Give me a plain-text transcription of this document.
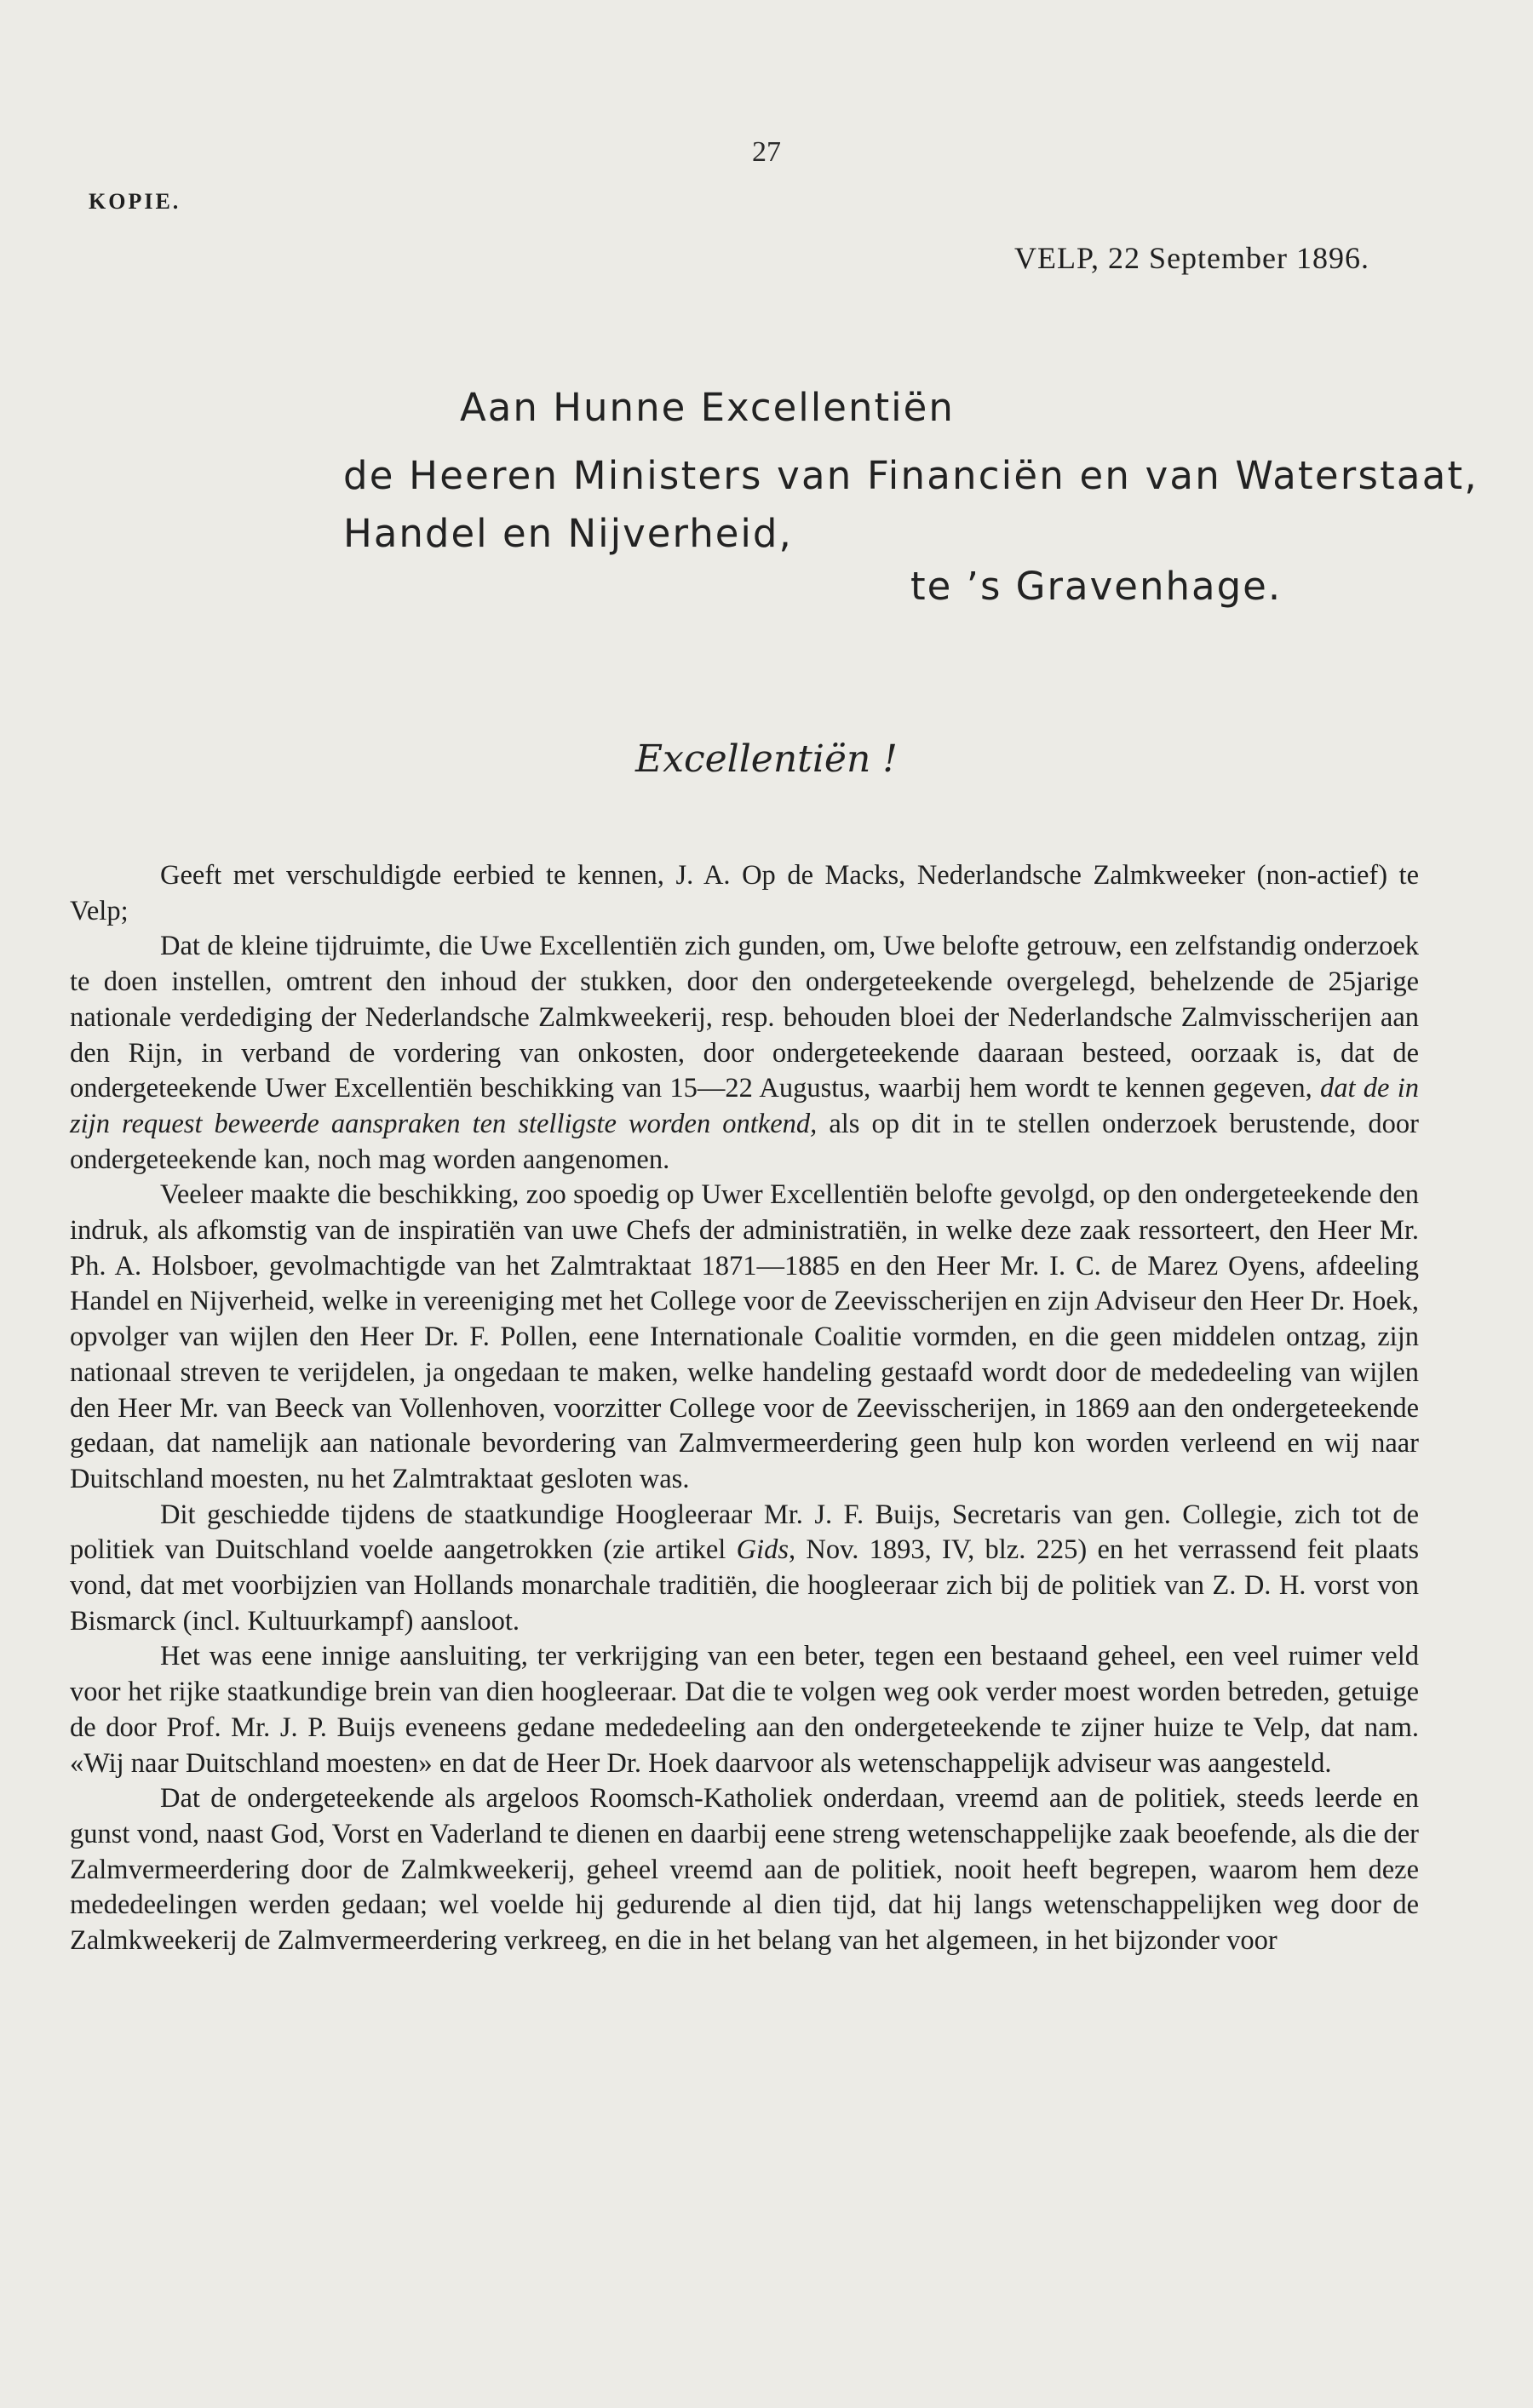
27
KOPIE.
VELP, 22 September 1896.
Aan Hunne Excellentiën
de Heeren Ministers van Financiën en van Waterstaat,
Handel en Nijverheid,
te ’s Gravenhage.
Excellentiën !

Geeft met verschuldigde eerbied te kennen, J. A. Op de Macks, Nederlandsche Zalmkweeker (non-actief) te Velp;

Dat de kleine tijdruimte, die Uwe Excellentiën zich gunden, om, Uwe belofte getrouw, een zelfstandig onderzoek te doen instellen, omtrent den inhoud der stukken, door den ondergeteekende overgelegd, behelzende de 25jarige nationale verdediging der Nederlandsche Zalmkweekerij, resp. behouden bloei der Nederlandsche Zalmvisscherijen aan den Rijn, in verband de vordering van onkosten, door ondergeteekende daaraan besteed, oorzaak is, dat de ondergeteekende Uwer Excellentiën beschikking van 15—22 Augustus, waarbij hem wordt te kennen gegeven, dat de in zijn request beweerde aanspraken ten stelligste worden ontkend, als op dit in te stellen onderzoek berustende, door ondergeteekende kan, noch mag worden aangenomen.

Veeleer maakte die beschikking, zoo spoedig op Uwer Excellentiën belofte gevolgd, op den ondergeteekende den indruk, als afkomstig van de inspiratiën van uwe Chefs der administratiën, in welke deze zaak ressorteert, den Heer Mr. Ph. A. Holsboer, gevolmachtigde van het Zalmtraktaat 1871—1885 en den Heer Mr. I. C. de Marez Oyens, afdeeling Handel en Nijverheid, welke in vereeniging met het College voor de Zeevisscherijen en zijn Adviseur den Heer Dr. Hoek, opvolger van wijlen den Heer Dr. F. Pollen, eene Internationale Coalitie vormden, en die geen middelen ontzag, zijn nationaal streven te verijdelen, ja ongedaan te maken, welke handeling gestaafd wordt door de mededeeling van wijlen den Heer Mr. van Beeck van Vollenhoven, voorzitter College voor de Zeevisscherijen, in 1869 aan den ondergeteekende gedaan, dat namelijk aan nationale bevordering van Zalmvermeerdering geen hulp kon worden verleend en wij naar Duitschland moesten, nu het Zalmtraktaat gesloten was.

Dit geschiedde tijdens de staatkundige Hoogleeraar Mr. J. F. Buijs, Secretaris van gen. Collegie, zich tot de politiek van Duitschland voelde aangetrokken (zie artikel Gids, Nov. 1893, IV, blz. 225) en het verrassend feit plaats vond, dat met voorbijzien van Hollands monarchale traditiën, die hoogleeraar zich bij de politiek van Z. D. H. vorst von Bismarck (incl. Kultuurkampf) aansloot.

Het was eene innige aansluiting, ter verkrijging van een beter, tegen een bestaand geheel, een veel ruimer veld voor het rijke staatkundige brein van dien hoogleeraar. Dat die te volgen weg ook verder moest worden betreden, getuige de door Prof. Mr. J. P. Buijs eveneens gedane mededeeling aan den ondergeteekende te zijner huize te Velp, dat nam. «Wij naar Duitschland moesten» en dat de Heer Dr. Hoek daarvoor als wetenschappelijk adviseur was aangesteld.

Dat de ondergeteekende als argeloos Roomsch-Katholiek onderdaan, vreemd aan de politiek, steeds leerde en gunst vond, naast God, Vorst en Vaderland te dienen en daarbij eene streng wetenschappelijke zaak beoefende, als die der Zalmvermeerdering door de Zalmkweekerij, geheel vreemd aan de politiek, nooit heeft begrepen, waarom hem deze mededeelingen werden gedaan; wel voelde hij gedurende al dien tijd, dat hij langs wetenschappelijken weg door de Zalmkweekerij de Zalmvermeerdering verkreeg, en die in het belang van het algemeen, in het bijzonder voor
